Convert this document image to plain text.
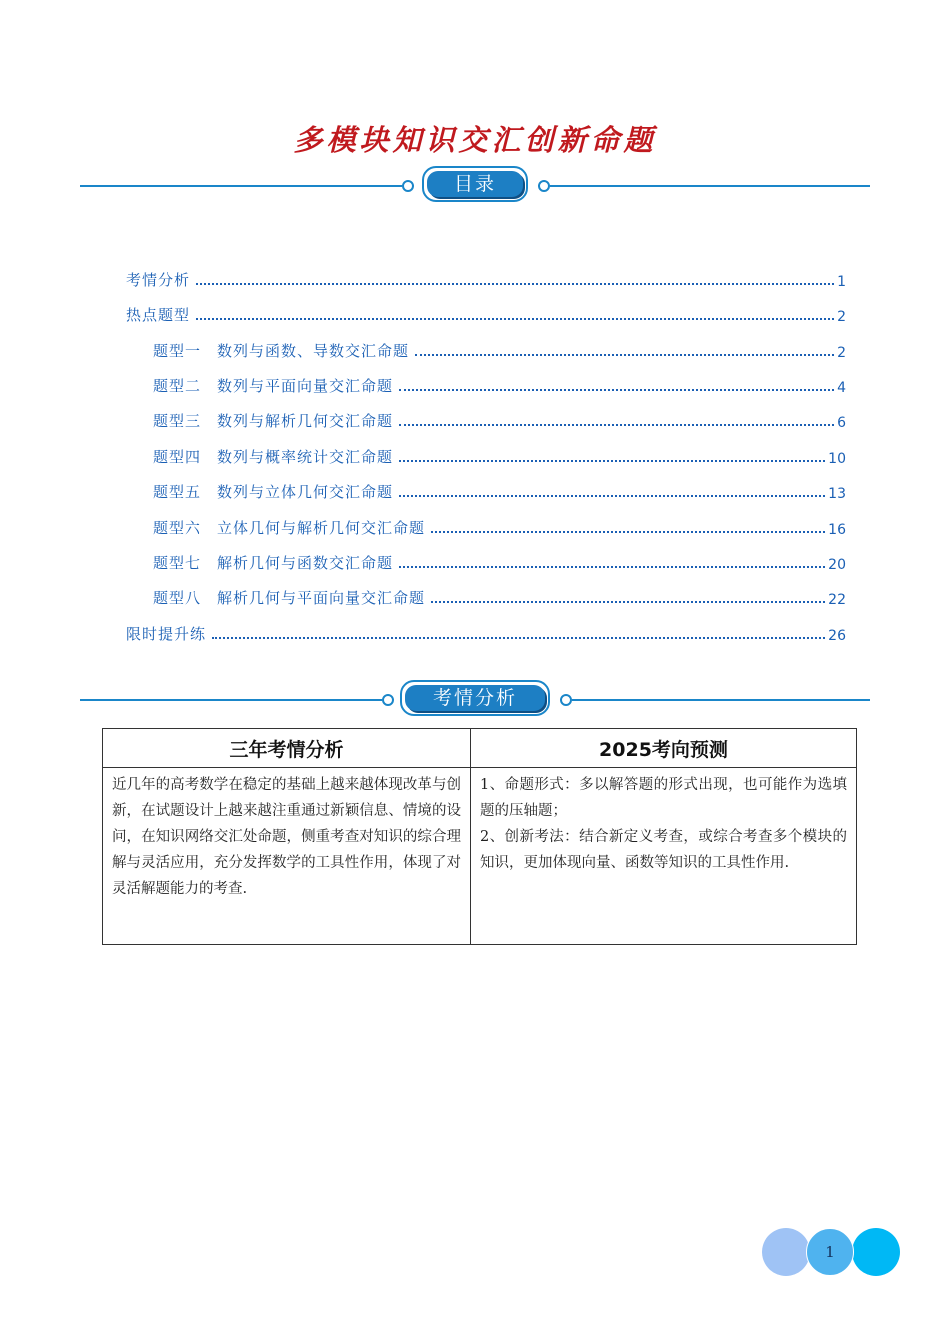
多模块知识交汇创新命题
目录
考情分析	1
热点题型	2
题型一　数列与函数、导数交汇命题	2
题型二　数列与平面向量交汇命题	4
题型三　数列与解析几何交汇命题	6
题型四　数列与概率统计交汇命题	10
题型五　数列与立体几何交汇命题	13
题型六　立体几何与解析几何交汇命题	16
题型七　解析几何与函数交汇命题	20
题型八　解析几何与平面向量交汇命题	22
限时提升练	26
考情分析
三年考情分析	2025考向预测
近几年的高考数学在稳定的基础上越来越体现改革与创新，在试题设计上越来越注重通过新颖信息、情境的设问，在知识网络交汇处命题，侧重考查对知识的综合理解与灵活应用，充分发挥数学的工具性作用，体现了对灵活解题能力的考查.	1、命题形式：多以解答题的形式出现，也可能作为选填题的压轴题；
2、创新考法：结合新定义考查，或综合考查多个模块的知识，更加体现向量、函数等知识的工具性作用.
1
